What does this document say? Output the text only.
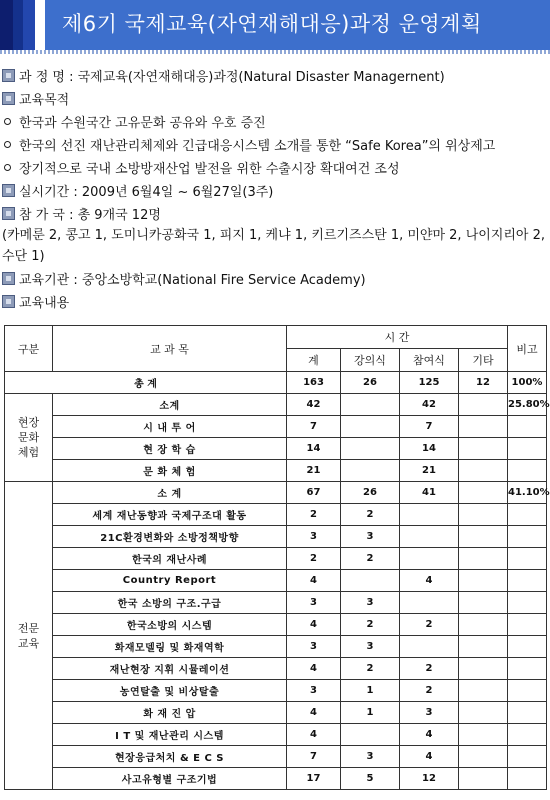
제6기 국제교육(자연재해대응)과정 운영계획
과 정 명 :
국제교육(자연재해대응)과정(Natural Disaster Managernent)
교육목적
한국과 수원국간 고유문화 공유와 우호 증진
한국의 선진 재난관리체제와 긴급대응시스템 소개를 통한 “Safe Korea”의 위상제고
장기적으로 국내 소방방재산업 발전을 위한 수출시장 확대여건 조성
실시기간 :
2009년 6월4일 ~ 6월27일(3주)
참 가 국 :
총 9개국 12명
(카메룬 2, 콩고 1, 도미니카공화국 1, 피지 1, 케냐 1, 키르기즈스탄 1, 미얀마 2, 나이지리아 2, 수단 1)
교육기관 :
중앙소방학교(National Fire Service Academy)
교육내용
구분	교 과 목	시 간				비고
		계	강의식	참여식	기타	
총 계		163	26	125	12	100%
현장
문화
체험	소계	42		42		25.80%
	시 내 투 어	7		7		
	현 장 학 습	14		14		
	문 화 체 험	21		21		
전문
교육	소 계	67	26	41		41.10%
	세계 재난동향과 국제구조대 활동	2	2			
	21C환경변화와 소방정책방향	3	3			
	한국의 재난사례	2	2			
	Country Report	4		4		
	한국 소방의 구조.구급	3	3			
	한국소방의 시스템	4	2	2		
	화재모델링 및 화재역학	3	3			
	재난현장 지휘 시뮬레이션	4	2	2		
	농연탈출 및 비상탈출	3	1	2		
	화 재 진 압	4	1	3		
	I T 및 재난관리 시스템	4		4		
	현장응급처치 & E C S	7	3	4		
	사고유형별 구조기법	17	5	12		
